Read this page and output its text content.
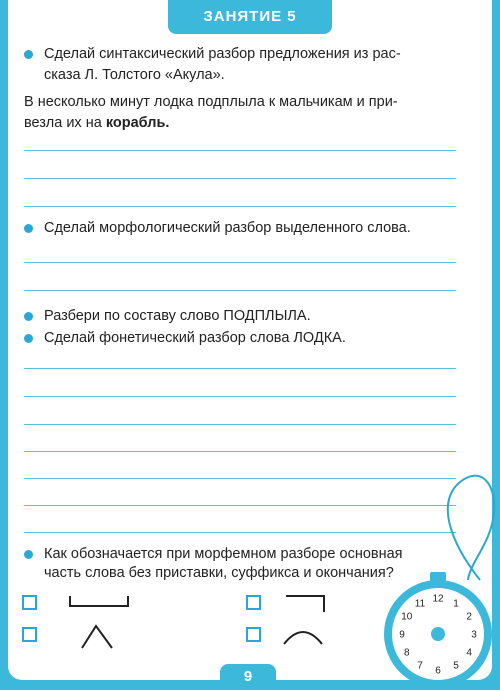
ЗАНЯТИЕ 5
Сделай синтаксический разбор предложения из рас-
сказа Л. Толстого «Акула».
В несколько минут лодка подплыла к мальчикам и при-
везла их на корабль.
Сделай морфологический разбор выделенного слова.
Разбери по составу слово ПОДПЛЫЛА.
Сделай фонетический разбор слова ЛОДКА.
Как обозначается при морфемном разборе основная
часть слова без приставки, суффикса и окончания?
12 1
2
3
4
5
6
7
8
9
10
11
9
